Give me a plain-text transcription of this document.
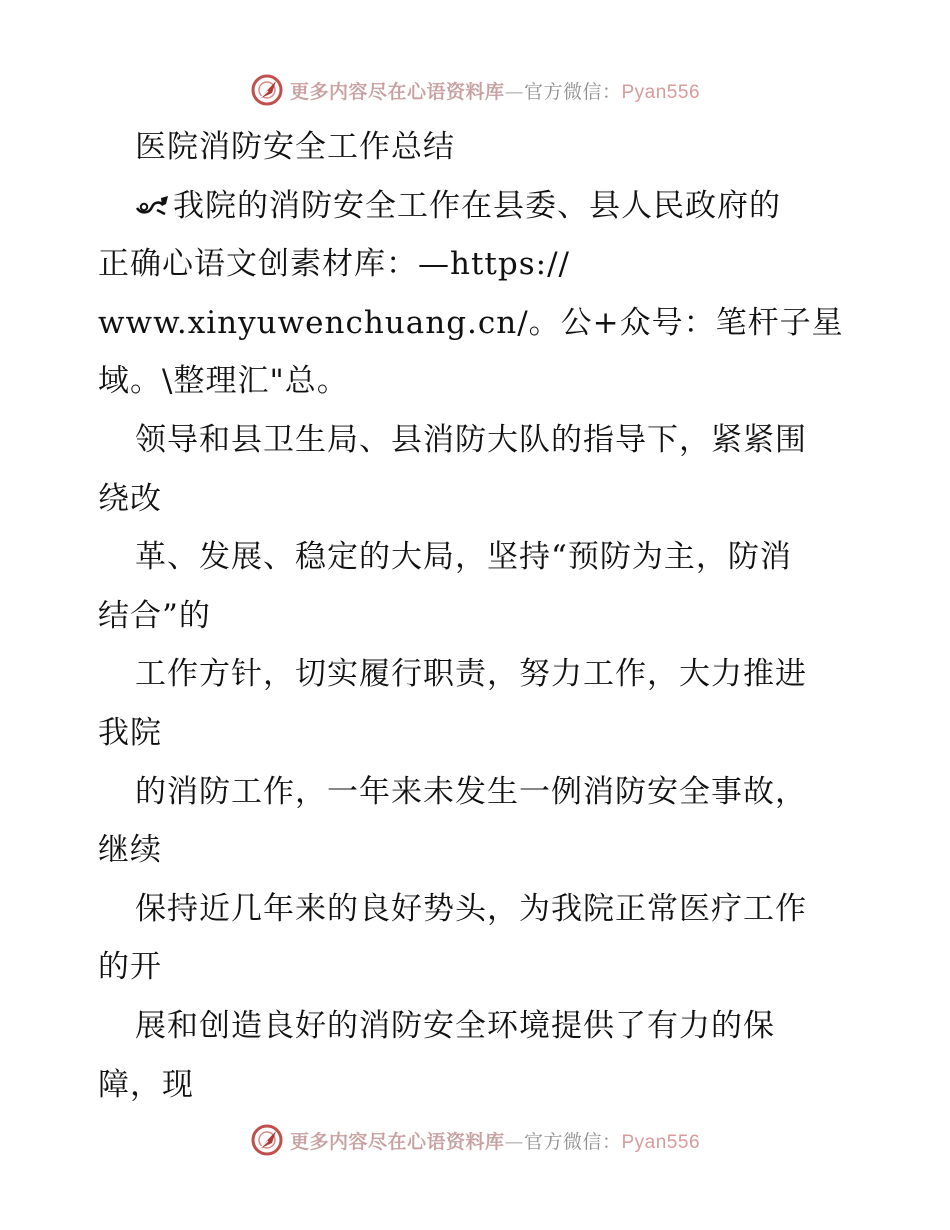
更多内容尽在心语资料库—官方微信：Pyan556
医院消防安全工作总结
我院的消防安全工作在县委、县人民政府的
正确心语文创素材库：—https://
www.xinyuwenchuang.cn/。公+众号：笔杆子星
域。\整理汇"总。
领导和县卫生局、县消防大队的指导下，紧紧围
绕改
革、发展、稳定的大局，坚持“预防为主，防消
结合”的
工作方针，切实履行职责，努力工作，大力推进
我院
的消防工作，一年来未发生一例消防安全事故，
继续
保持近几年来的良好势头，为我院正常医疗工作
的开
展和创造良好的消防安全环境提供了有力的保
障，现
更多内容尽在心语资料库—官方微信：Pyan556
